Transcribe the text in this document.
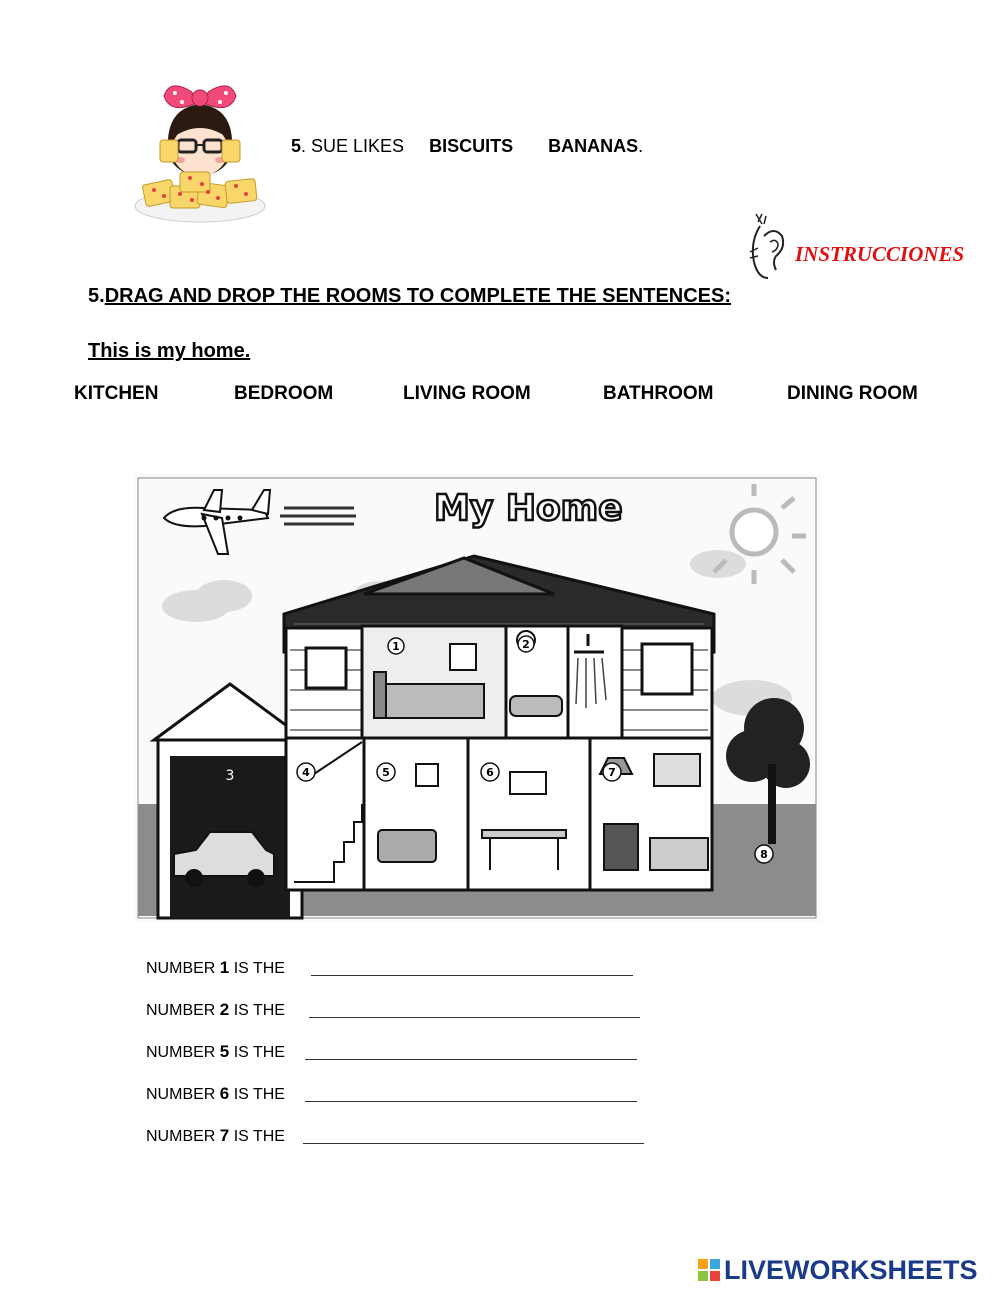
5. SUE LIKES BISCUITS BANANAS.
INSTRUCCIONES
5.DRAG AND DROP THE ROOMS TO COMPLETE THE SENTENCES:
This is my home.
KITCHEN	BEDROOM	LIVING ROOM	BATHROOM	DINING ROOM
My Home
3
1	2
4	5	6	7
8
NUMBER 1 IS THE
NUMBER 2 IS THE
NUMBER 5 IS THE
NUMBER 6 IS THE
NUMBER 7 IS THE
LIVEWORKSHEETS
